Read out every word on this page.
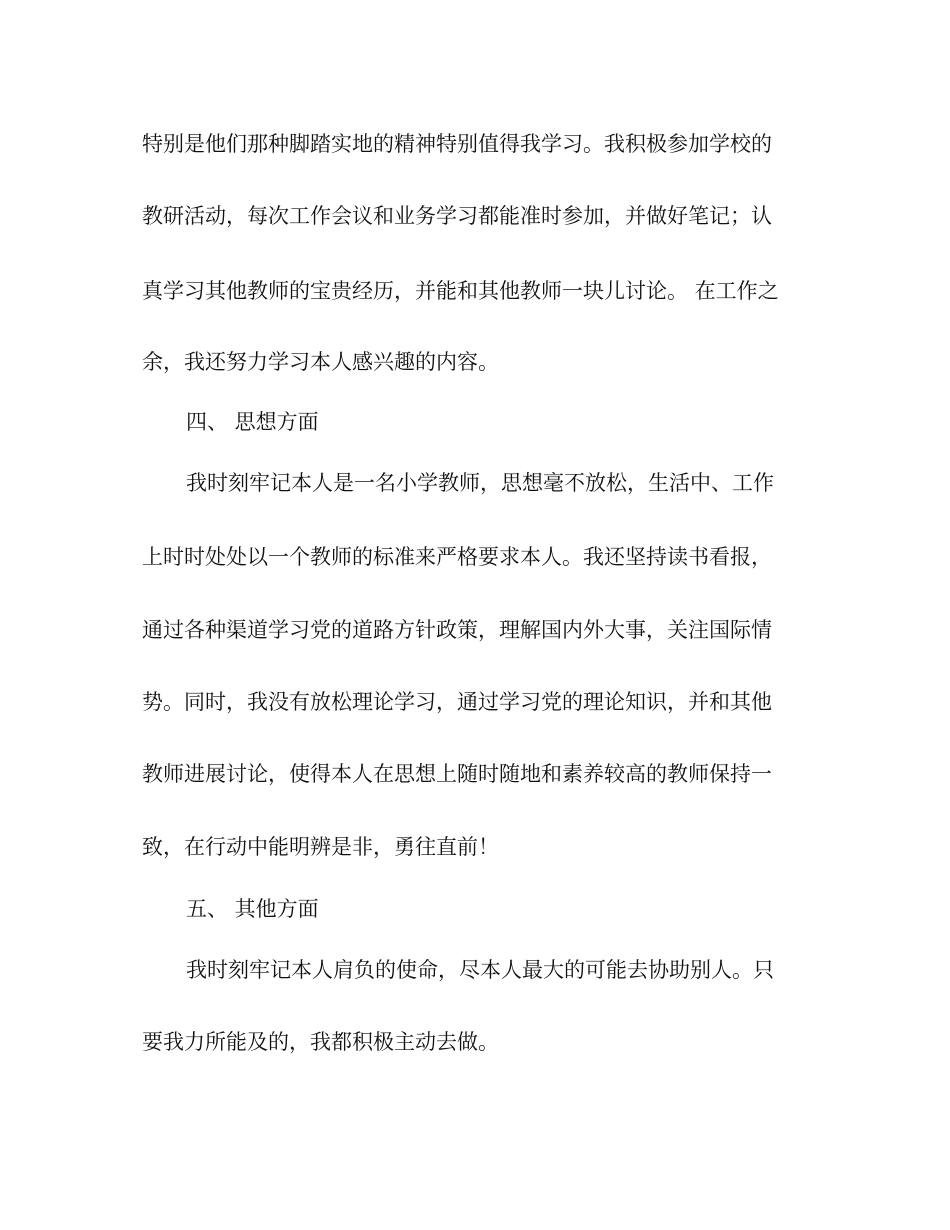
特别是他们那种脚踏实地的精神特别值得我学习。我积极参加学校的
教研活动，每次工作会议和业务学习都能准时参加，并做好笔记；认
真学习其他教师的宝贵经历，并能和其他教师一块儿讨论。 在工作之
余，我还努力学习本人感兴趣的内容。
四、 思想方面
我时刻牢记本人是一名小学教师，思想毫不放松，生活中、工作
上时时处处以一个教师的标准来严格要求本人。我还坚持读书看报，
通过各种渠道学习党的道路方针政策，理解国内外大事，关注国际情
势。同时，我没有放松理论学习，通过学习党的理论知识，并和其他
教师进展讨论，使得本人在思想上随时随地和素养较高的教师保持一
致，在行动中能明辨是非，勇往直前！
五、 其他方面
我时刻牢记本人肩负的使命，尽本人最大的可能去协助别人。只
要我力所能及的，我都积极主动去做。
